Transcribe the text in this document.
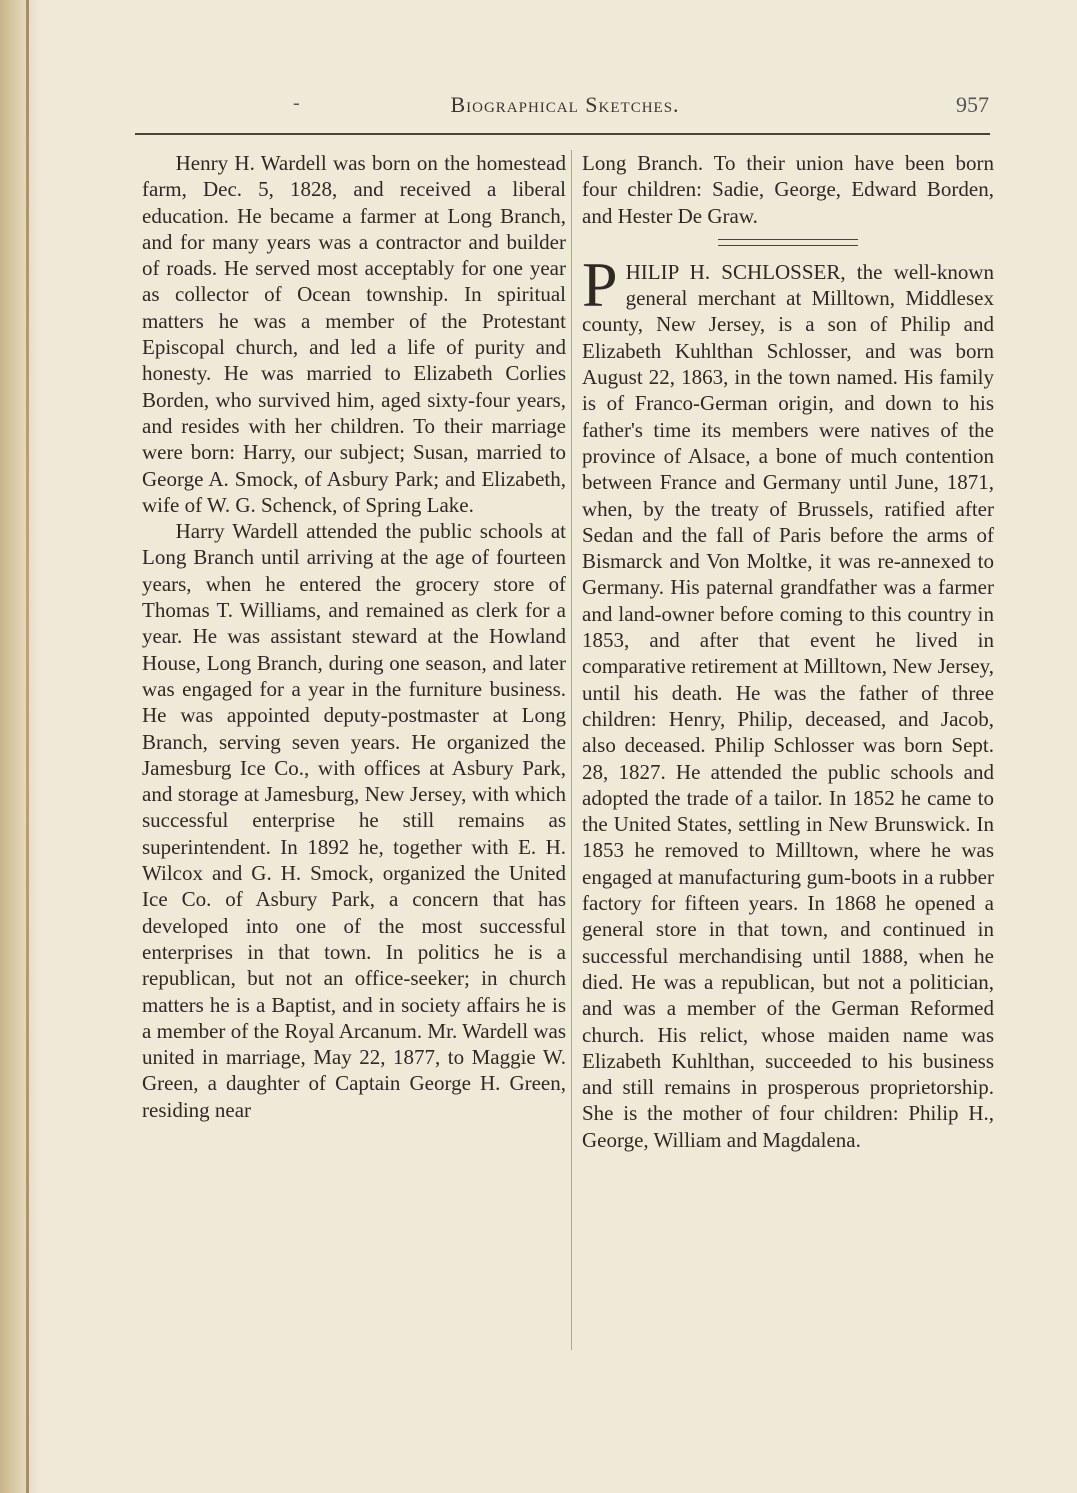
-	Biographical Sketches.	957

Henry H. Wardell was born on the homestead farm, Dec. 5, 1828, and received a liberal education. He became a farmer at Long Branch, and for many years was a contractor and builder of roads. He served most acceptably for one year as collector of Ocean township. In spiritual matters he was a member of the Protestant Episcopal church, and led a life of purity and honesty. He was married to Elizabeth Corlies Borden, who survived him, aged sixty-four years, and resides with her children. To their marriage were born: Harry, our subject; Susan, married to George A. Smock, of Asbury Park; and Elizabeth, wife of W. G. Schenck, of Spring Lake.

Harry Wardell attended the public schools at Long Branch until arriving at the age of fourteen years, when he entered the grocery store of Thomas T. Williams, and remained as clerk for a year. He was assistant steward at the Howland House, Long Branch, during one season, and later was engaged for a year in the furniture business. He was appointed deputy-postmaster at Long Branch, serving seven years. He organized the Jamesburg Ice Co., with offices at Asbury Park, and storage at Jamesburg, New Jersey, with which successful enterprise he still remains as superintendent. In 1892 he, together with E. H. Wilcox and G. H. Smock, organized the United Ice Co. of Asbury Park, a concern that has developed into one of the most successful enterprises in that town. In politics he is a republican, but not an office-seeker; in church matters he is a Baptist, and in society affairs he is a member of the Royal Arcanum. Mr. Wardell was united in marriage, May 22, 1877, to Maggie W. Green, a daughter of Captain George H. Green, residing near

Long Branch. To their union have been born four children: Sadie, George, Edward Borden, and Hester De Graw.

PHILIP H. SCHLOSSER, the well-known general merchant at Milltown, Middlesex county, New Jersey, is a son of Philip and Elizabeth Kuhlthan Schlosser, and was born August 22, 1863, in the town named. His family is of Franco-German origin, and down to his father's time its members were natives of the province of Alsace, a bone of much contention between France and Germany until June, 1871, when, by the treaty of Brussels, ratified after Sedan and the fall of Paris before the arms of Bismarck and Von Moltke, it was re-annexed to Germany. His paternal grandfather was a farmer and land-owner before coming to this country in 1853, and after that event he lived in comparative retirement at Milltown, New Jersey, until his death. He was the father of three children: Henry, Philip, deceased, and Jacob, also deceased. Philip Schlosser was born Sept. 28, 1827. He attended the public schools and adopted the trade of a tailor. In 1852 he came to the United States, settling in New Brunswick. In 1853 he removed to Milltown, where he was engaged at manufacturing gum-boots in a rubber factory for fifteen years. In 1868 he opened a general store in that town, and continued in successful merchandising until 1888, when he died. He was a republican, but not a politician, and was a member of the German Reformed church. His relict, whose maiden name was Elizabeth Kuhlthan, succeeded to his business and still remains in prosperous proprietorship. She is the mother of four children: Philip H., George, William and Magdalena.
